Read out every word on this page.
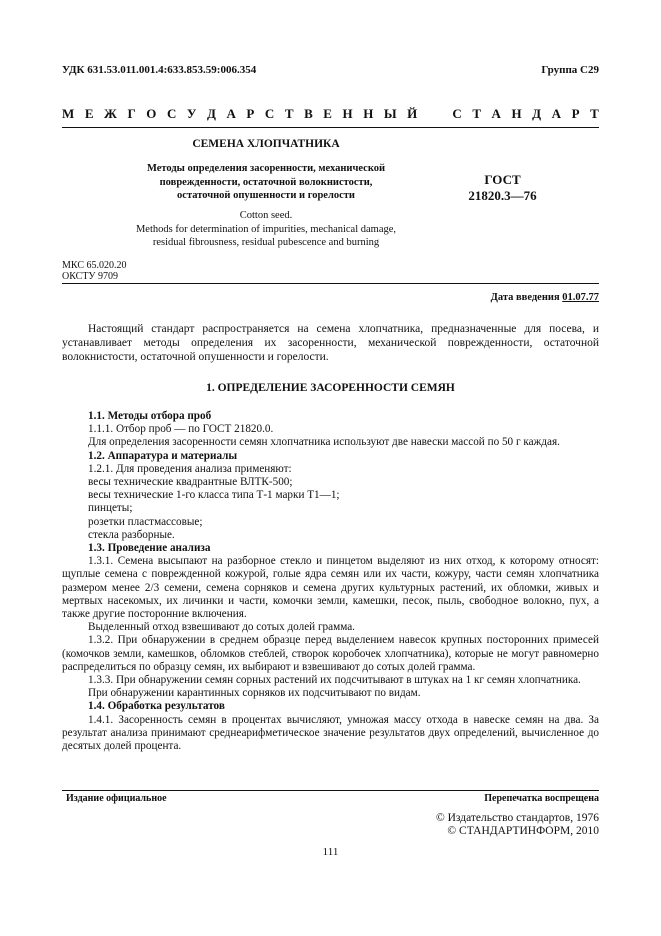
УДК 631.53.011.001.4:633.853.59:006.354	Группа С29
М Е Ж Г О С У Д А Р С Т В Е Н Н Ы Й	С Т А Н Д А Р Т
СЕМЕНА ХЛОПЧАТНИКА
Методы определения засоренности, механической
поврежденности, остаточной волокнистости,
остаточной опушенности и горелости
Cotton seed.
Methods for determination of impurities, mechanical damage,
residual fibrousness, residual pubescence and burning
ГОСТ
21820.3—76
МКС 65.020.20
ОКСТУ 9709
Дата введения 01.07.77
Настоящий стандарт распространяется на семена хлопчатника, предназначенные для посева, и устанавливает методы определения их засоренности, механической поврежденности, остаточной волокнистости, остаточной опушенности и горелости.
1. ОПРЕДЕЛЕНИЕ ЗАСОРЕННОСТИ СЕМЯН

1.1. Методы отбора проб

1.1.1. Отбор проб — по ГОСТ 21820.0.

Для определения засоренности семян хлопчатника используют две навески массой по 50 г каждая.

1.2. Аппаратура и материалы

1.2.1. Для проведения анализа применяют:

весы технические квадрантные ВЛТК-500;

весы технические 1-го класса типа Т-1 марки Т1—1;

пинцеты;

розетки пластмассовые;

стекла разборные.

1.3. Проведение анализа

1.3.1. Семена высыпают на разборное стекло и пинцетом выделяют из них отход, к которому относят: щуплые семена с поврежденной кожурой, голые ядра семян или их части, кожуру, части семян хлопчатника размером менее 2/3 семени, семена сорняков и семена других культурных растений, их обломки, живых и мертвых насекомых, их личинки и части, комочки земли, камешки, песок, пыль, свободное волокно, пух, а также другие посторонние включения.

Выделенный отход взвешивают до сотых долей грамма.

1.3.2. При обнаружении в среднем образце перед выделением навесок крупных посторонних примесей (комочков земли, камешков, обломков стеблей, створок коробочек хлопчатника), которые не могут равномерно распределиться по образцу семян, их выбирают и взвешивают до сотых долей грамма.

1.3.3. При обнаружении семян сорных растений их подсчитывают в штуках на 1 кг семян хлопчатника.

При обнаружении карантинных сорняков их подсчитывают по видам.

1.4. Обработка результатов

1.4.1. Засоренность семян в процентах вычисляют, умножая массу отхода в навеске семян на два. За результат анализа принимают среднеарифметическое значение результатов двух определений, вычисленное до десятых долей процента.

Издание официальное	Перепечатка воспрещена
© Издательство стандартов, 1976
© СТАНДАРТИНФОРМ, 2010
111
